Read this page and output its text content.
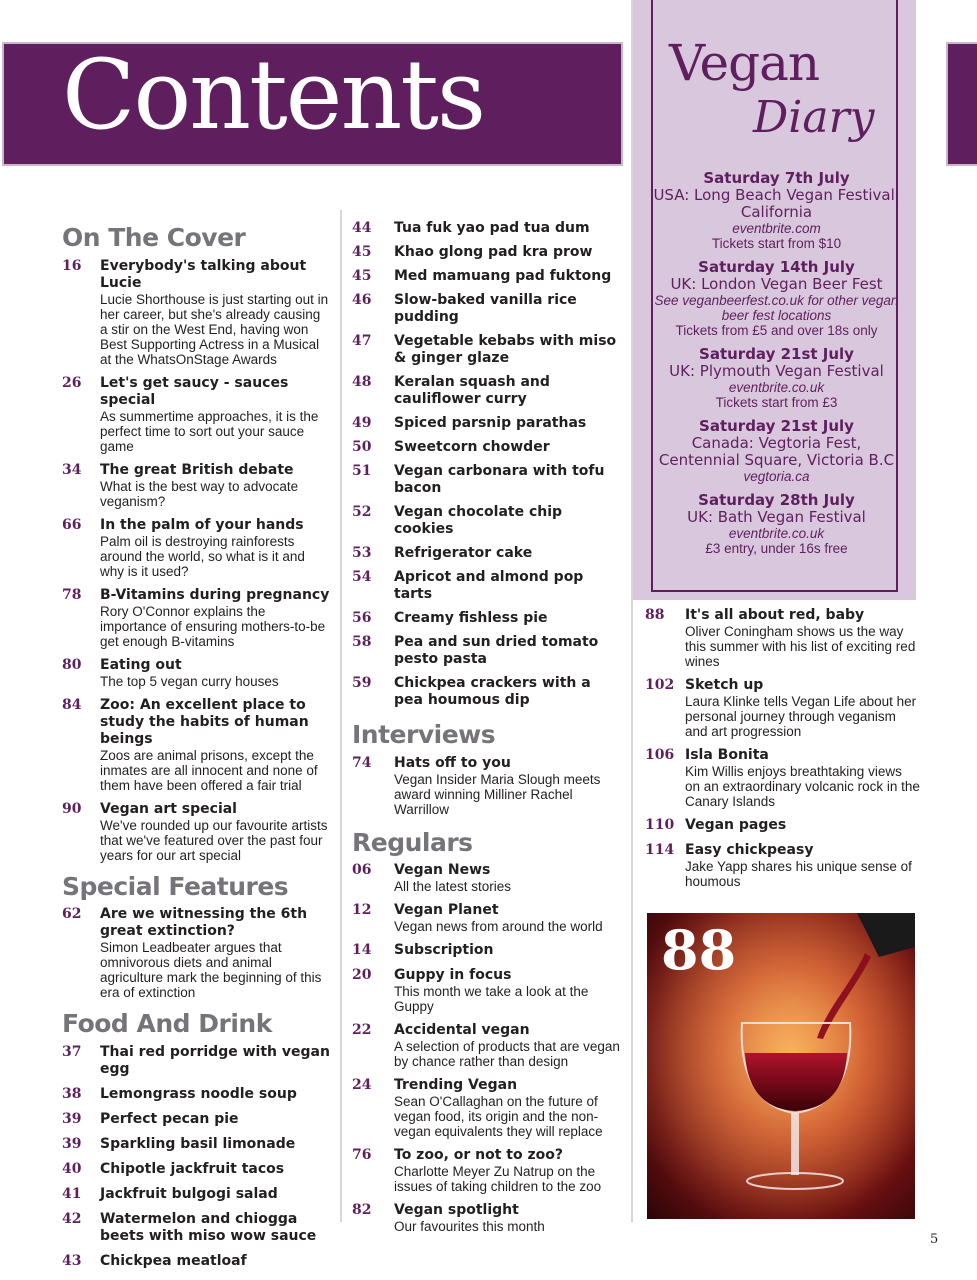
Contents
On The Cover
16 Everybody's talking about Lucie
Lucie Shorthouse is just starting out in her career, but she's already causing a stir on the West End, having won Best Supporting Actress in a Musical at the WhatsOnStage Awards
26 Let's get saucy - sauces special
As summertime approaches, it is the perfect time to sort out your sauce game
34 The great British debate
What is the best way to advocate veganism?
66 In the palm of your hands
Palm oil is destroying rainforests around the world, so what is it and why is it used?
78 B-Vitamins during pregnancy
Rory O'Connor explains the importance of ensuring mothers-to-be get enough B-vitamins
80 Eating out
The top 5 vegan curry houses
84 Zoo: An excellent place to study the habits of human beings
Zoos are animal prisons, except the inmates are all innocent and none of them have been offered a fair trial
90 Vegan art special
We've rounded up our favourite artists that we've featured over the past four years for our art special
Special Features
62 Are we witnessing the 6th great extinction?
Simon Leadbeater argues that omnivorous diets and animal agriculture mark the beginning of this era of extinction
Food And Drink
37 Thai red porridge with vegan egg
38 Lemongrass noodle soup
39 Perfect pecan pie
39 Sparkling basil limonade
40 Chipotle jackfruit tacos
41 Jackfruit bulgogi salad
42 Watermelon and chiogga beets with miso wow sauce
43 Chickpea meatloaf
44 Tua fuk yao pad tua dum
45 Khao glong pad kra prow
45 Med mamuang pad fuktong
46 Slow-baked vanilla rice pudding
47 Vegetable kebabs with miso & ginger glaze
48 Keralan squash and cauliflower curry
49 Spiced parsnip parathas
50 Sweetcorn chowder
51 Vegan carbonara with tofu bacon
52 Vegan chocolate chip cookies
53 Refrigerator cake
54 Apricot and almond pop tarts
56 Creamy fishless pie
58 Pea and sun dried tomato pesto pasta
59 Chickpea crackers with a pea houmous dip
Interviews
74 Hats off to you
Vegan Insider Maria Slough meets award winning Milliner Rachel Warrillow
Regulars
06 Vegan News
All the latest stories
12 Vegan Planet
Vegan news from around the world
14 Subscription
20 Guppy in focus
This month we take a look at the Guppy
22 Accidental vegan
A selection of products that are vegan by chance rather than design
24 Trending Vegan
Sean O'Callaghan on the future of vegan food, its origin and the non-vegan equivalents they will replace
76 To zoo, or not to zoo?
Charlotte Meyer Zu Natrup on the issues of taking children to the zoo
82 Vegan spotlight
Our favourites this month
Vegan
Diary
Saturday 7th July
USA: Long Beach Vegan Festival, California
eventbrite.com
Tickets start from $10
Saturday 14th July
UK: London Vegan Beer Fest
See veganbeerfest.co.uk for other vegan beer fest locations
Tickets from £5 and over 18s only
Saturday 21st July
UK: Plymouth Vegan Festival
eventbrite.co.uk
Tickets start from £3
Saturday 21st July
Canada: Vegtoria Fest, Centennial Square, Victoria B.C
vegtoria.ca
Saturday 28th July
UK: Bath Vegan Festival
eventbrite.co.uk
£3 entry, under 16s free
88 It's all about red, baby
Oliver Coningham shows us the way this summer with his list of exciting red wines
102 Sketch up
Laura Klinke tells Vegan Life about her personal journey through veganism and art progression
106 Isla Bonita
Kim Willis enjoys breathtaking views on an extraordinary volcanic rock in the Canary Islands
110 Vegan pages
114 Easy chickpeasy
Jake Yapp shares his unique sense of houmous
88
5
